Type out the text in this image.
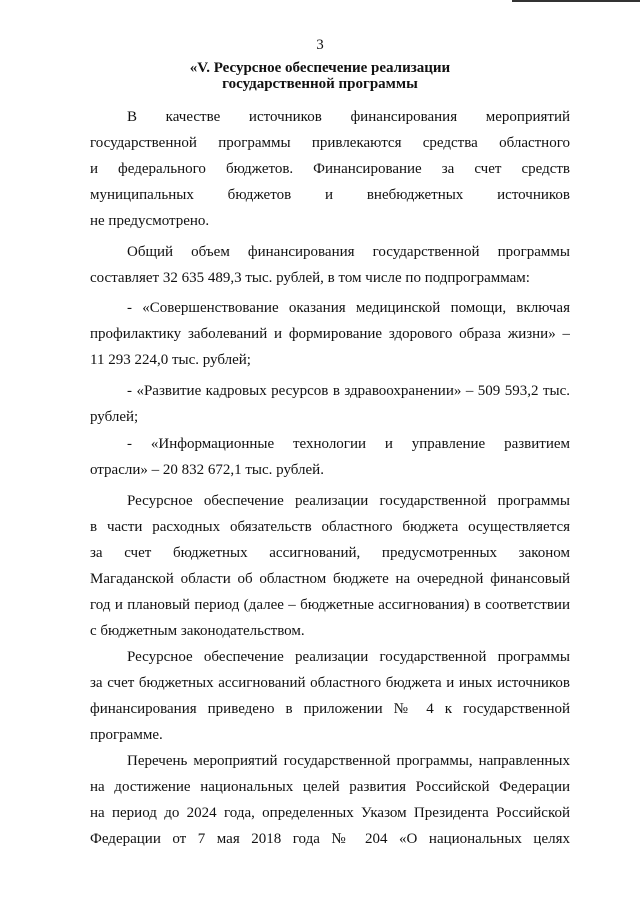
3
«V. Ресурсное обеспечение реализации
государственной программы
В качестве источников финансирования мероприятий
государственной программы привлекаются средства областного
и федерального бюджетов. Финансирование за счет средств
муниципальных бюджетов и внебюджетных источников
не предусмотрено.
Общий объем финансирования государственной программы
составляет 32 635 489,3 тыс. рублей, в том числе по подпрограммам:
- «Совершенствование оказания медицинской помощи, включая
профилактику заболеваний и формирование здорового образа жизни» –
11 293 224,0 тыс. рублей;
- «Развитие кадровых ресурсов в здравоохранении» – 509 593,2 тыс.
рублей;
- «Информационные технологии и управление развитием
отрасли» – 20 832 672,1 тыс. рублей.
Ресурсное обеспечение реализации государственной программы
в части расходных обязательств областного бюджета осуществляется
за счет бюджетных ассигнований, предусмотренных законом
Магаданской области об областном бюджете на очередной финансовый
год и плановый период (далее – бюджетные ассигнования) в соответствии
с бюджетным законодательством.
Ресурсное обеспечение реализации государственной программы
за счет бюджетных ассигнований областного бюджета и иных источников
финансирования приведено в приложении № 4 к государственной
программе.
Перечень мероприятий государственной программы, направленных
на достижение национальных целей развития Российской Федерации
на период до 2024 года, определенных Указом Президента Российской
Федерации от 7 мая 2018 года № 204 «О национальных целях
